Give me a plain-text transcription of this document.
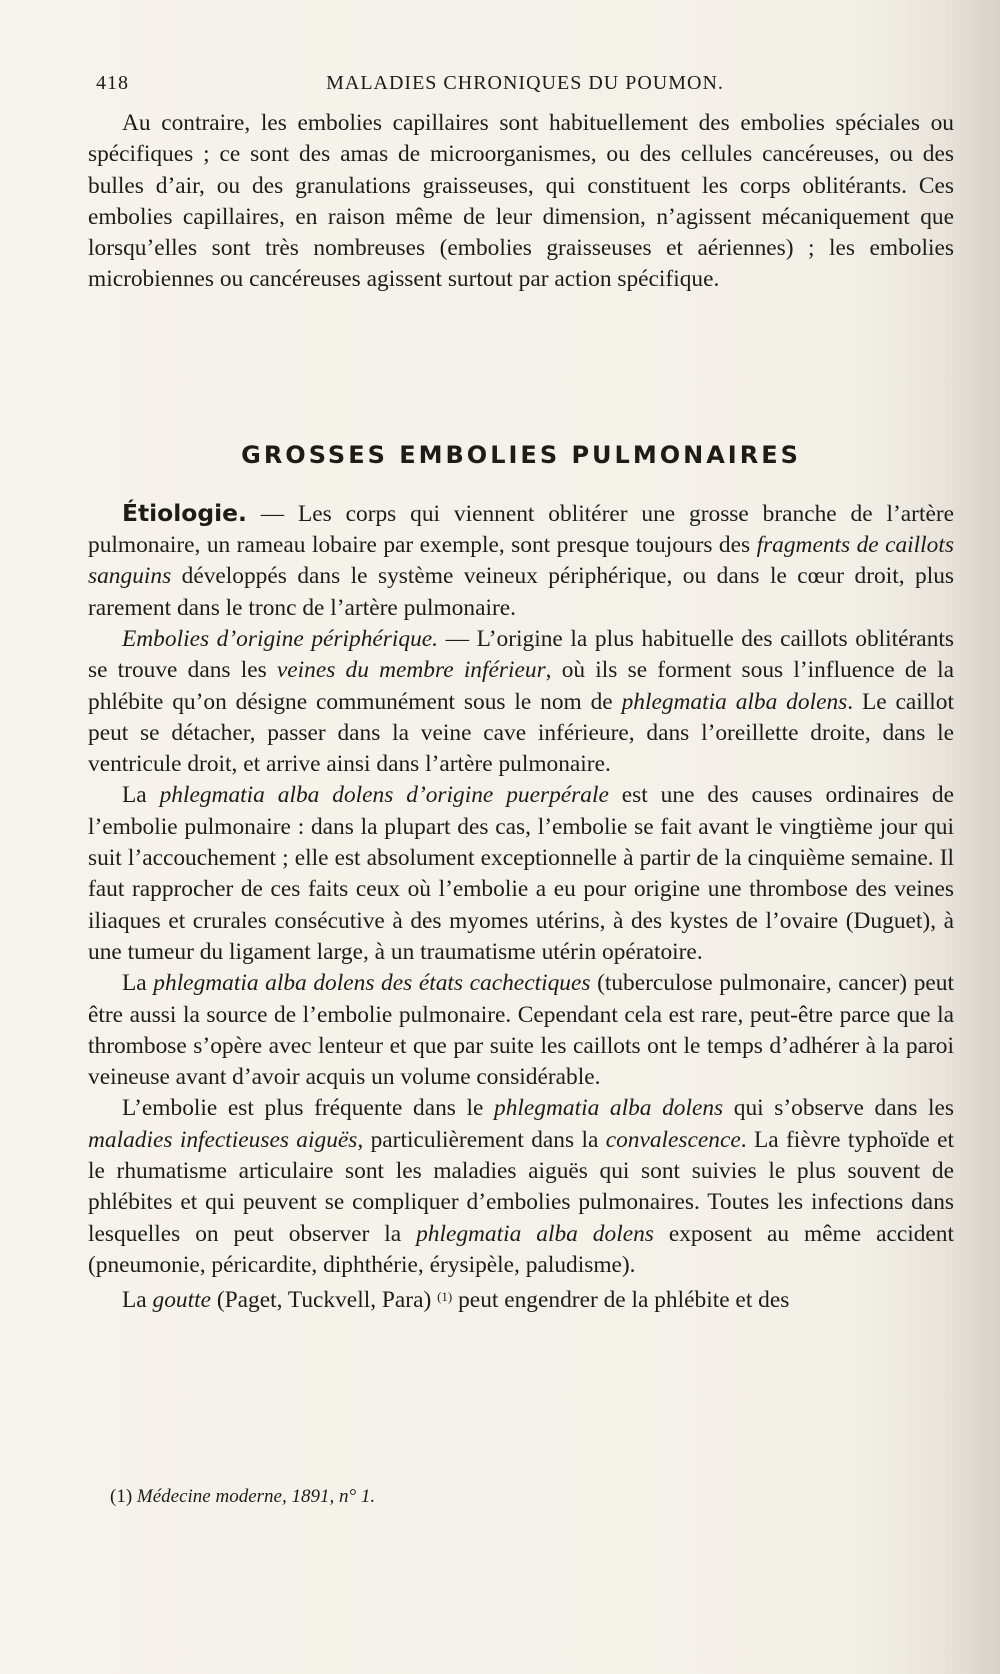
418	MALADIES CHRONIQUES DU POUMON.

Au contraire, les embolies capillaires sont habituellement des embolies spéciales ou spécifiques ; ce sont des amas de microorganismes, ou des cellules cancéreuses, ou des bulles d’air, ou des granulations graisseuses, qui constituent les corps oblitérants. Ces embolies capillaires, en raison même de leur dimension, n’agissent mécaniquement que lorsqu’elles sont très nombreuses (embolies graisseuses et aériennes) ; les embolies microbiennes ou cancéreuses agissent surtout par action spécifique.

GROSSES EMBOLIES PULMONAIRES

Étiologie. — Les corps qui viennent oblitérer une grosse branche de l’artère pulmonaire, un rameau lobaire par exemple, sont presque toujours des fragments de caillots sanguins développés dans le système veineux périphérique, ou dans le cœur droit, plus rarement dans le tronc de l’artère pulmonaire.

Embolies d’origine périphérique. — L’origine la plus habituelle des caillots oblitérants se trouve dans les veines du membre inférieur, où ils se forment sous l’influence de la phlébite qu’on désigne communément sous le nom de phlegmatia alba dolens. Le caillot peut se détacher, passer dans la veine cave inférieure, dans l’oreillette droite, dans le ventricule droit, et arrive ainsi dans l’artère pulmonaire.

La phlegmatia alba dolens d’origine puerpérale est une des causes ordinaires de l’embolie pulmonaire : dans la plupart des cas, l’embolie se fait avant le vingtième jour qui suit l’accouchement ; elle est absolument exceptionnelle à partir de la cinquième semaine. Il faut rapprocher de ces faits ceux où l’embolie a eu pour origine une thrombose des veines iliaques et crurales consécutive à des myomes utérins, à des kystes de l’ovaire (Duguet), à une tumeur du ligament large, à un traumatisme utérin opératoire.

La phlegmatia alba dolens des états cachectiques (tuberculose pulmonaire, cancer) peut être aussi la source de l’embolie pulmonaire. Cependant cela est rare, peut-être parce que la thrombose s’opère avec lenteur et que par suite les caillots ont le temps d’adhérer à la paroi veineuse avant d’avoir acquis un volume considérable.

L’embolie est plus fréquente dans le phlegmatia alba dolens qui s’observe dans les maladies infectieuses aiguës, particulièrement dans la convalescence. La fièvre typhoïde et le rhumatisme articulaire sont les maladies aiguës qui sont suivies le plus souvent de phlébites et qui peuvent se compliquer d’embolies pulmonaires. Toutes les infections dans lesquelles on peut observer la phlegmatia alba dolens exposent au même accident (pneumonie, péricardite, diphthérie, érysipèle, paludisme).

La goutte (Paget, Tuckvell, Para) $^{(1)}$ peut engendrer de la phlébite et des

(1) Médecine moderne, 1891, n° 1.
